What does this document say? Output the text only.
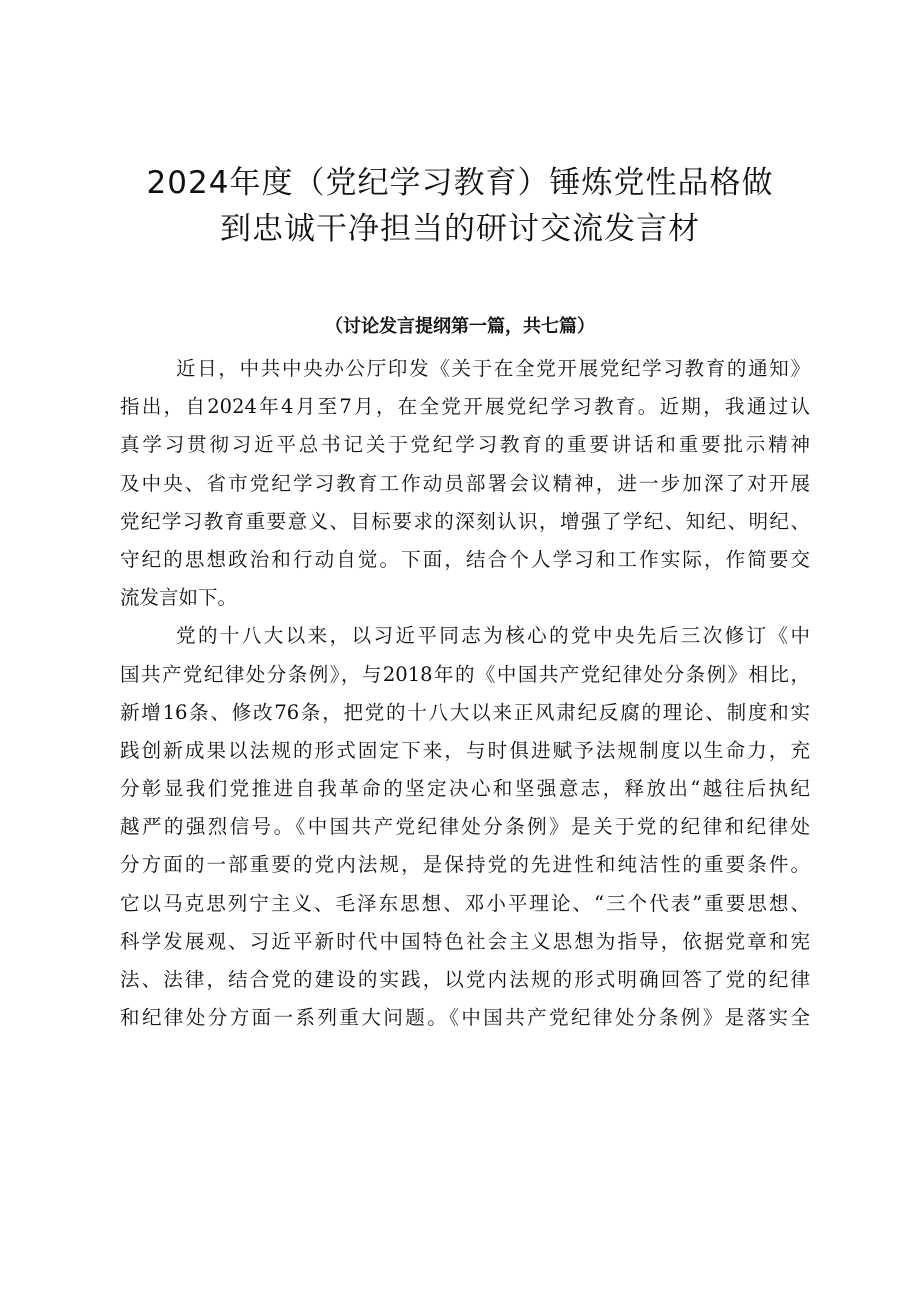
2024年度（党纪学习教育）锤炼党性品格做
到忠诚干净担当的研讨交流发言材

（讨论发言提纲第一篇，共七篇）

近日，中共中央办公厅印发《关于在全党开展党纪学习教育的通知》
指出，自2024年4月至7月，在全党开展党纪学习教育。近期，我通过认
真学习贯彻习近平总书记关于党纪学习教育的重要讲话和重要批示精神
及中央、省市党纪学习教育工作动员部署会议精神，进一步加深了对开展
党纪学习教育重要意义、目标要求的深刻认识，增强了学纪、知纪、明纪、
守纪的思想政治和行动自觉。下面，结合个人学习和工作实际，作简要交
流发言如下。
党的十八大以来，以习近平同志为核心的党中央先后三次修订《中
国共产党纪律处分条例》，与2018年的《中国共产党纪律处分条例》相比，
新增16条、修改76条，把党的十八大以来正风肃纪反腐的理论、制度和实
践创新成果以法规的形式固定下来，与时俱进赋予法规制度以生命力，充
分彰显我们党推进自我革命的坚定决心和坚强意志，释放出“越往后执纪
越严的强烈信号。《中国共产党纪律处分条例》是关于党的纪律和纪律处
分方面的一部重要的党内法规，是保持党的先进性和纯洁性的重要条件。
它以马克思列宁主义、毛泽东思想、邓小平理论、“三个代表”重要思想、
科学发展观、习近平新时代中国特色社会主义思想为指导，依据党章和宪
法、法律，结合党的建设的实践，以党内法规的形式明确回答了党的纪律
和纪律处分方面一系列重大问题。《中国共产党纪律处分条例》是落实全
